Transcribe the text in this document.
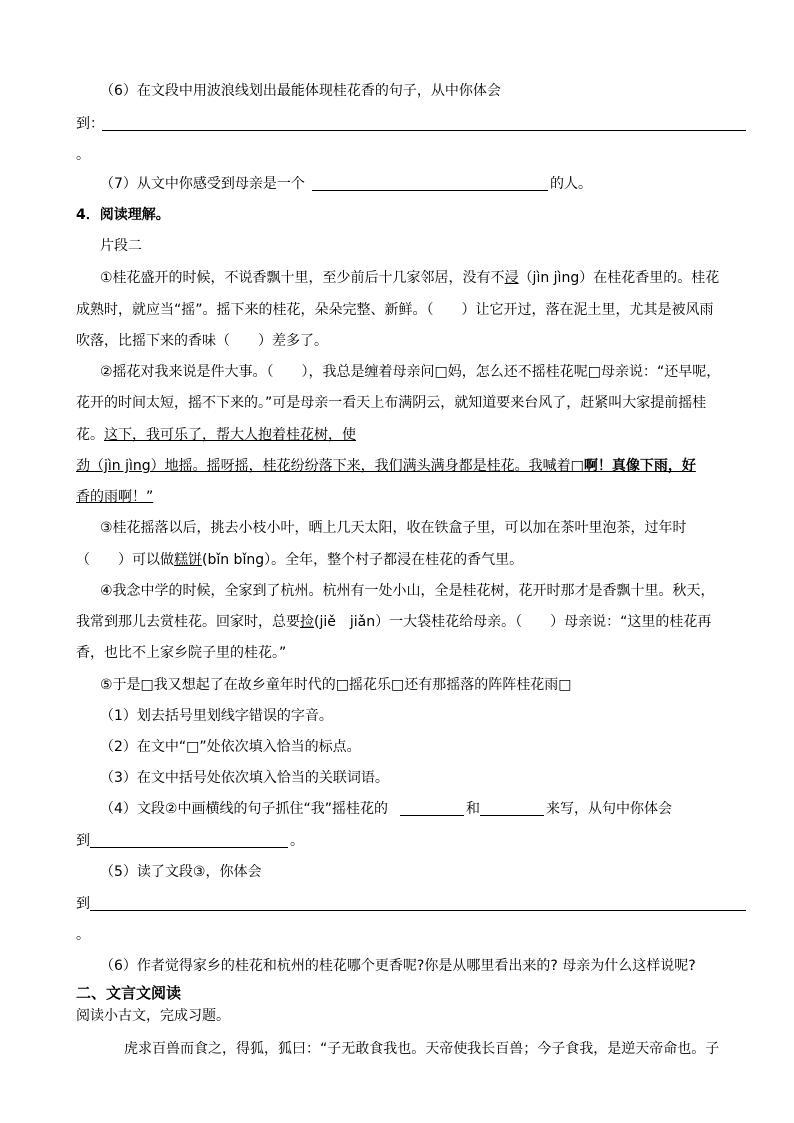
（6）在文段中用波浪线划出最能体现桂花香的句子，从中你体会
到：
。
（7）从文中你感受到母亲是一个	的人。
4．阅读理解。
片段二
①桂花盛开的时候，不说香飘十里，至少前后十几家邻居，没有不浸（jìn jìng）在桂花香里的。桂花
成熟时，就应当“摇”。摇下来的桂花，朵朵完整、新鲜。（　　）让它开过，落在泥土里，尤其是被风雨
吹落，比摇下来的香味（　　）差多了。
②摇花对我来说是件大事。（　　），我总是缠着母亲问□妈，怎么还不摇桂花呢□母亲说：“还早呢，
花开的时间太短，摇不下来的。”可是母亲一看天上布满阴云，就知道要来台风了，赶紧叫大家提前摇桂
花。这下，我可乐了，帮大人抱着桂花树，使
劲（jìn jìng）地摇。摇呀摇，桂花纷纷落下来，我们满头满身都是桂花。我喊着□啊！真像下雨，好
香的雨啊！”
③桂花摇落以后，挑去小枝小叶，晒上几天太阳，收在铁盒子里，可以加在茶叶里泡茶，过年时
（　　）可以做糕饼(bǐn bǐng）。全年，整个村子都浸在桂花的香气里。
④我念中学的时候，全家到了杭州。杭州有一处小山，全是桂花树，花开时那才是香飘十里。秋天，
我常到那儿去赏桂花。回家时，总要捡(jiě　jiǎn）一大袋桂花给母亲。（　　）母亲说：“这里的桂花再
香，也比不上家乡院子里的桂花。”
⑤于是□我又想起了在故乡童年时代的□摇花乐□还有那摇落的阵阵桂花雨□
（1）划去括号里划线字错误的字音。
（2）在文中“□”处依次填入恰当的标点。
（3）在文中括号处依次填入恰当的关联词语。
（4）文段②中画横线的句子抓住“我”摇桂花的	和	来写，从句中你体会
到	。
（5）读了文段③，你体会
到
。
（6）作者觉得家乡的桂花和杭州的桂花哪个更香呢?你是从哪里看出来的? 母亲为什么这样说呢?
二、文言文阅读
阅读小古文，完成习题。
虎求百兽而食之，得狐，狐曰：“子无敢食我也。天帝使我长百兽；今子食我，是逆天帝命也。子
